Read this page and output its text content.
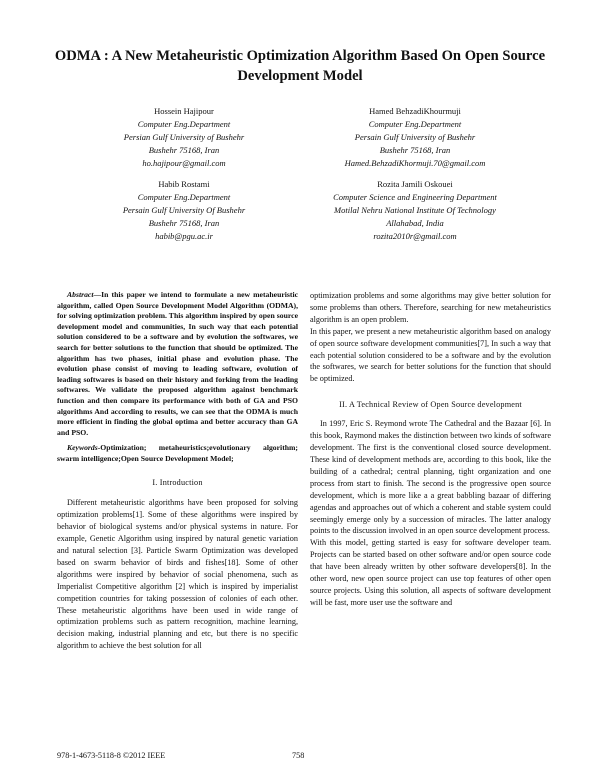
ODMA : A New Metaheuristic Optimization Algorithm Based On Open Source Development Model
Hossein Hajipour
Computer Eng.Department
Persian Gulf University of Bushehr
Bushehr 75168, Iran
ho.hajipour@gmail.com
Hamed BehzadiKhourmuji
Computer Eng.Department
Persain Gulf University of Bushehr
Bushehr 75168, Iran
Hamed.BehzadiKhormuji.70@gmail.com
Habib Rostami
Computer Eng.Department
Persain Gulf University Of Bushehr
Bushehr 75168, Iran
habib@pgu.ac.ir
Rozita Jamili Oskouei
Computer Science and Engineering Department
Motilal Nehru National Institute Of Technology
Allahabad, India
rozita2010r@gmail.com

Abstract—In this paper we intend to formulate a new metaheuristic algorithm, called Open Source Development Model Algorithm (ODMA), for solving optimization problem. This algorithm inspired by open source development model and communities, In such way that each potential solution considered to be a software and by evolution the softwares, we search for better solutions to the function that should be optimized. The algorithm has two phases, initial phase and evolution phase. The evolution phase consist of moving to leading software, evolution of leading softwares is based on their history and forking from the leading softwares. We validate the proposed algorithm against benchmark function and then compare its performance with both of GA and PSO algorithms And according to results, we can see that the ODMA is much more efficient in finding the global optima and better accuracy than GA and PSO.

Keywords-Optimization; metaheuristics;evolutionary algorithm; swarm intelligence;Open Source Development Model;

I. Introduction

Different metaheuristic algorithms have been proposed for solving optimization problems[1]. Some of these algorithms were inspired by behavior of biological systems and/or physical systems in nature. For example, Genetic Algorithm using inspired by natural genetic variation and natural selection [3]. Particle Swarm Optimization was developed based on swarm behavior of birds and fishes[18]. Some of other algorithms were inspired by behavior of social phenomena, such as Imperialist Competitive algorithm [2] which is inspired by imperialist competition countries for taking possession of colonies of each other. These metaheuristic algorithms have been used in wide range of optimization problems such as pattern recognition, machine learning, decision making, industrial planning and etc, but there is no specific algorithm to achieve the best solution for all

optimization problems and some algorithms may give better solution for some problems than others. Therefore, searching for new metaheuristics algorithm is an open problem.

In this paper, we present a new metaheuristic algorithm based on analogy of open source software development communities[7], In such a way that each potential solution considered to be a software and by the evolution the softwares, we search for better solutions for the function that should be optimized.

II. A Technical Review of Open Source development

In 1997, Eric S. Reymond wrote The Cathedral and the Bazaar [6]. In this book, Raymond makes the distinction between two kinds of software development. The first is the conventional closed source development. These kind of development methods are, according to this book, like the building of a cathedral; central planning, tight organization and one process from start to finish. The second is the progressive open source development, which is more like a a great babbling bazaar of differing agendas and approaches out of which a coherent and stable system could seemingly emerge only by a succession of miracles. The latter analogy points to the discussion involved in an open source development process.

With this model, getting started is easy for software developer team. Projects can be started based on other software and/or open source code that have been already written by other software developers[8]. In the other word, new open source project can use top features of other open source projects. Using this solution, all aspects of software development will be fast, more user use the software and

978-1-4673-5118-8 ©2012 IEEE	758
